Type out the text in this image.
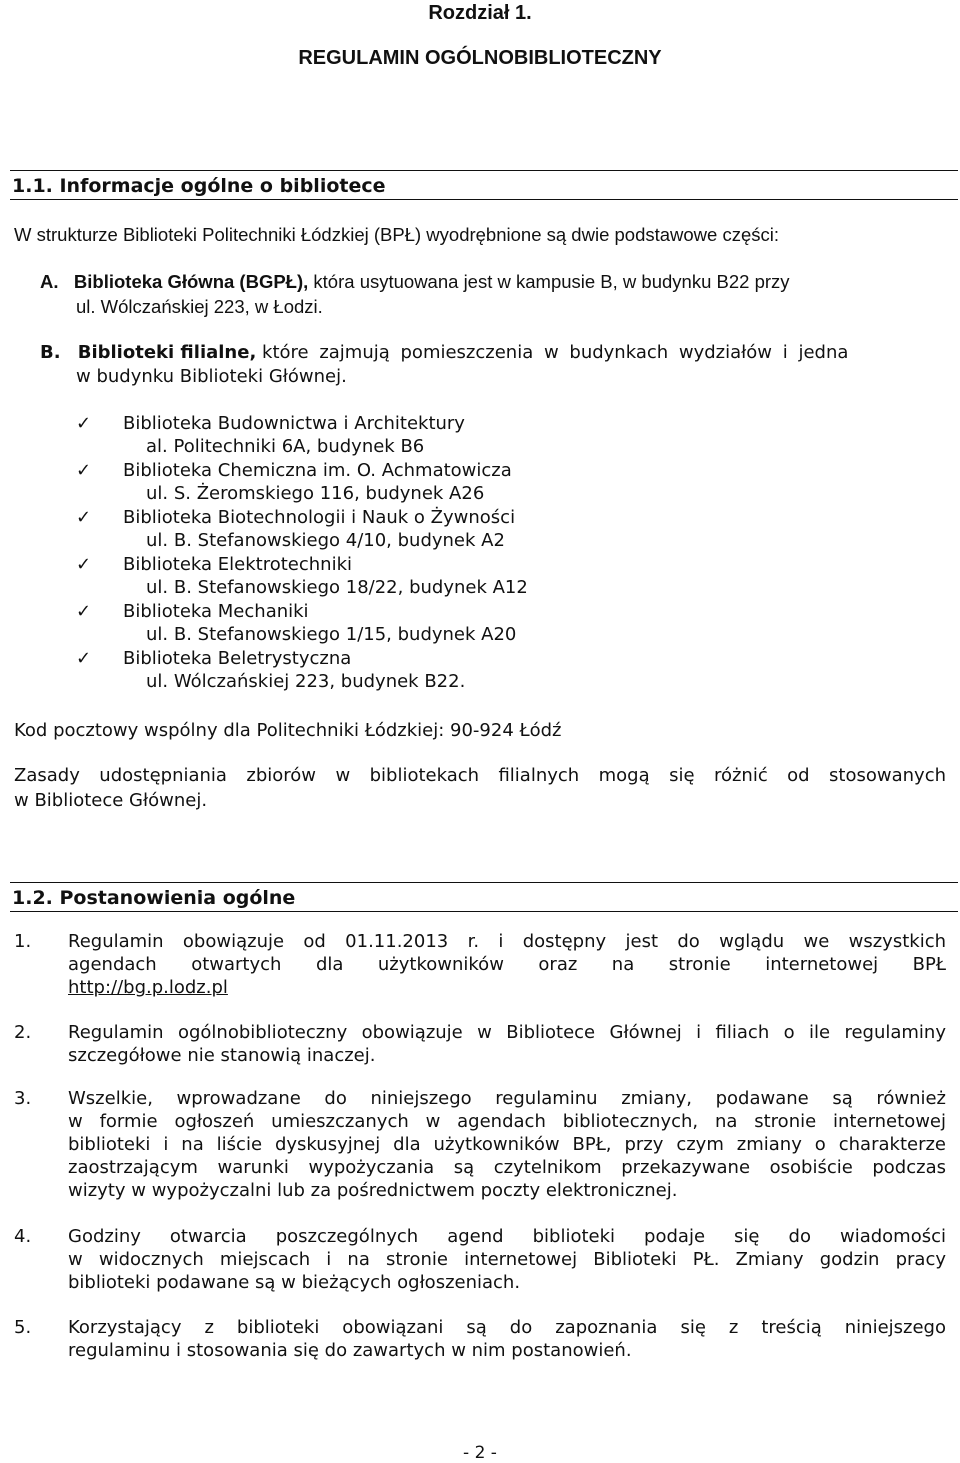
Rozdział 1.
REGULAMIN OGÓLNOBIBLIOTECZNY
1.1. Informacje ogólne o bibliotece
W strukturze Biblioteki Politechniki Łódzkiej (BPŁ) wyodrębnione są dwie podstawowe części:
A. Biblioteka Główna (BGPŁ), która usytuowana jest w kampusie B, w budynku B22 przy
ul. Wólczańskiej 223, w Łodzi.
B. Biblioteki filialne, które zajmują pomieszczenia w budynkach wydziałów i jedna
w budynku Biblioteki Głównej.
✓ Biblioteka Budownictwa i Architektury
al. Politechniki 6A, budynek B6
✓ Biblioteka Chemiczna im. O. Achmatowicza
ul. S. Żeromskiego 116, budynek A26
✓ Biblioteka Biotechnologii i Nauk o Żywności
ul. B. Stefanowskiego 4/10, budynek A2
✓ Biblioteka Elektrotechniki
ul. B. Stefanowskiego 18/22, budynek A12
✓ Biblioteka Mechaniki
ul. B. Stefanowskiego 1/15, budynek A20
✓ Biblioteka Beletrystyczna
ul. Wólczańskiej 223, budynek B22.
Kod pocztowy wspólny dla Politechniki Łódzkiej: 90-924 Łódź
Zasady udostępniania zbiorów w bibliotekach filialnych mogą się różnić od stosowanych
w Bibliotece Głównej.
1.2. Postanowienia ogólne
1. Regulamin obowiązuje od 01.11.2013 r. i dostępny jest do wglądu we wszystkich
agendach otwartych dla użytkowników oraz na stronie internetowej BPŁ
http://bg.p.lodz.pl
2. Regulamin ogólnobiblioteczny obowiązuje w Bibliotece Głównej i filiach o ile regulaminy
szczegółowe nie stanowią inaczej.
3. Wszelkie, wprowadzane do niniejszego regulaminu zmiany, podawane są również
w formie ogłoszeń umieszczanych w agendach bibliotecznych, na stronie internetowej
biblioteki i na liście dyskusyjnej dla użytkowników BPŁ, przy czym zmiany o charakterze
zaostrzającym warunki wypożyczania są czytelnikom przekazywane osobiście podczas
wizyty w wypożyczalni lub za pośrednictwem poczty elektronicznej.
4. Godziny otwarcia poszczególnych agend biblioteki podaje się do wiadomości
w widocznych miejscach i na stronie internetowej Biblioteki PŁ. Zmiany godzin pracy
biblioteki podawane są w bieżących ogłoszeniach.
5. Korzystający z biblioteki obowiązani są do zapoznania się z treścią niniejszego
regulaminu i stosowania się do zawartych w nim postanowień.
- 2 -
